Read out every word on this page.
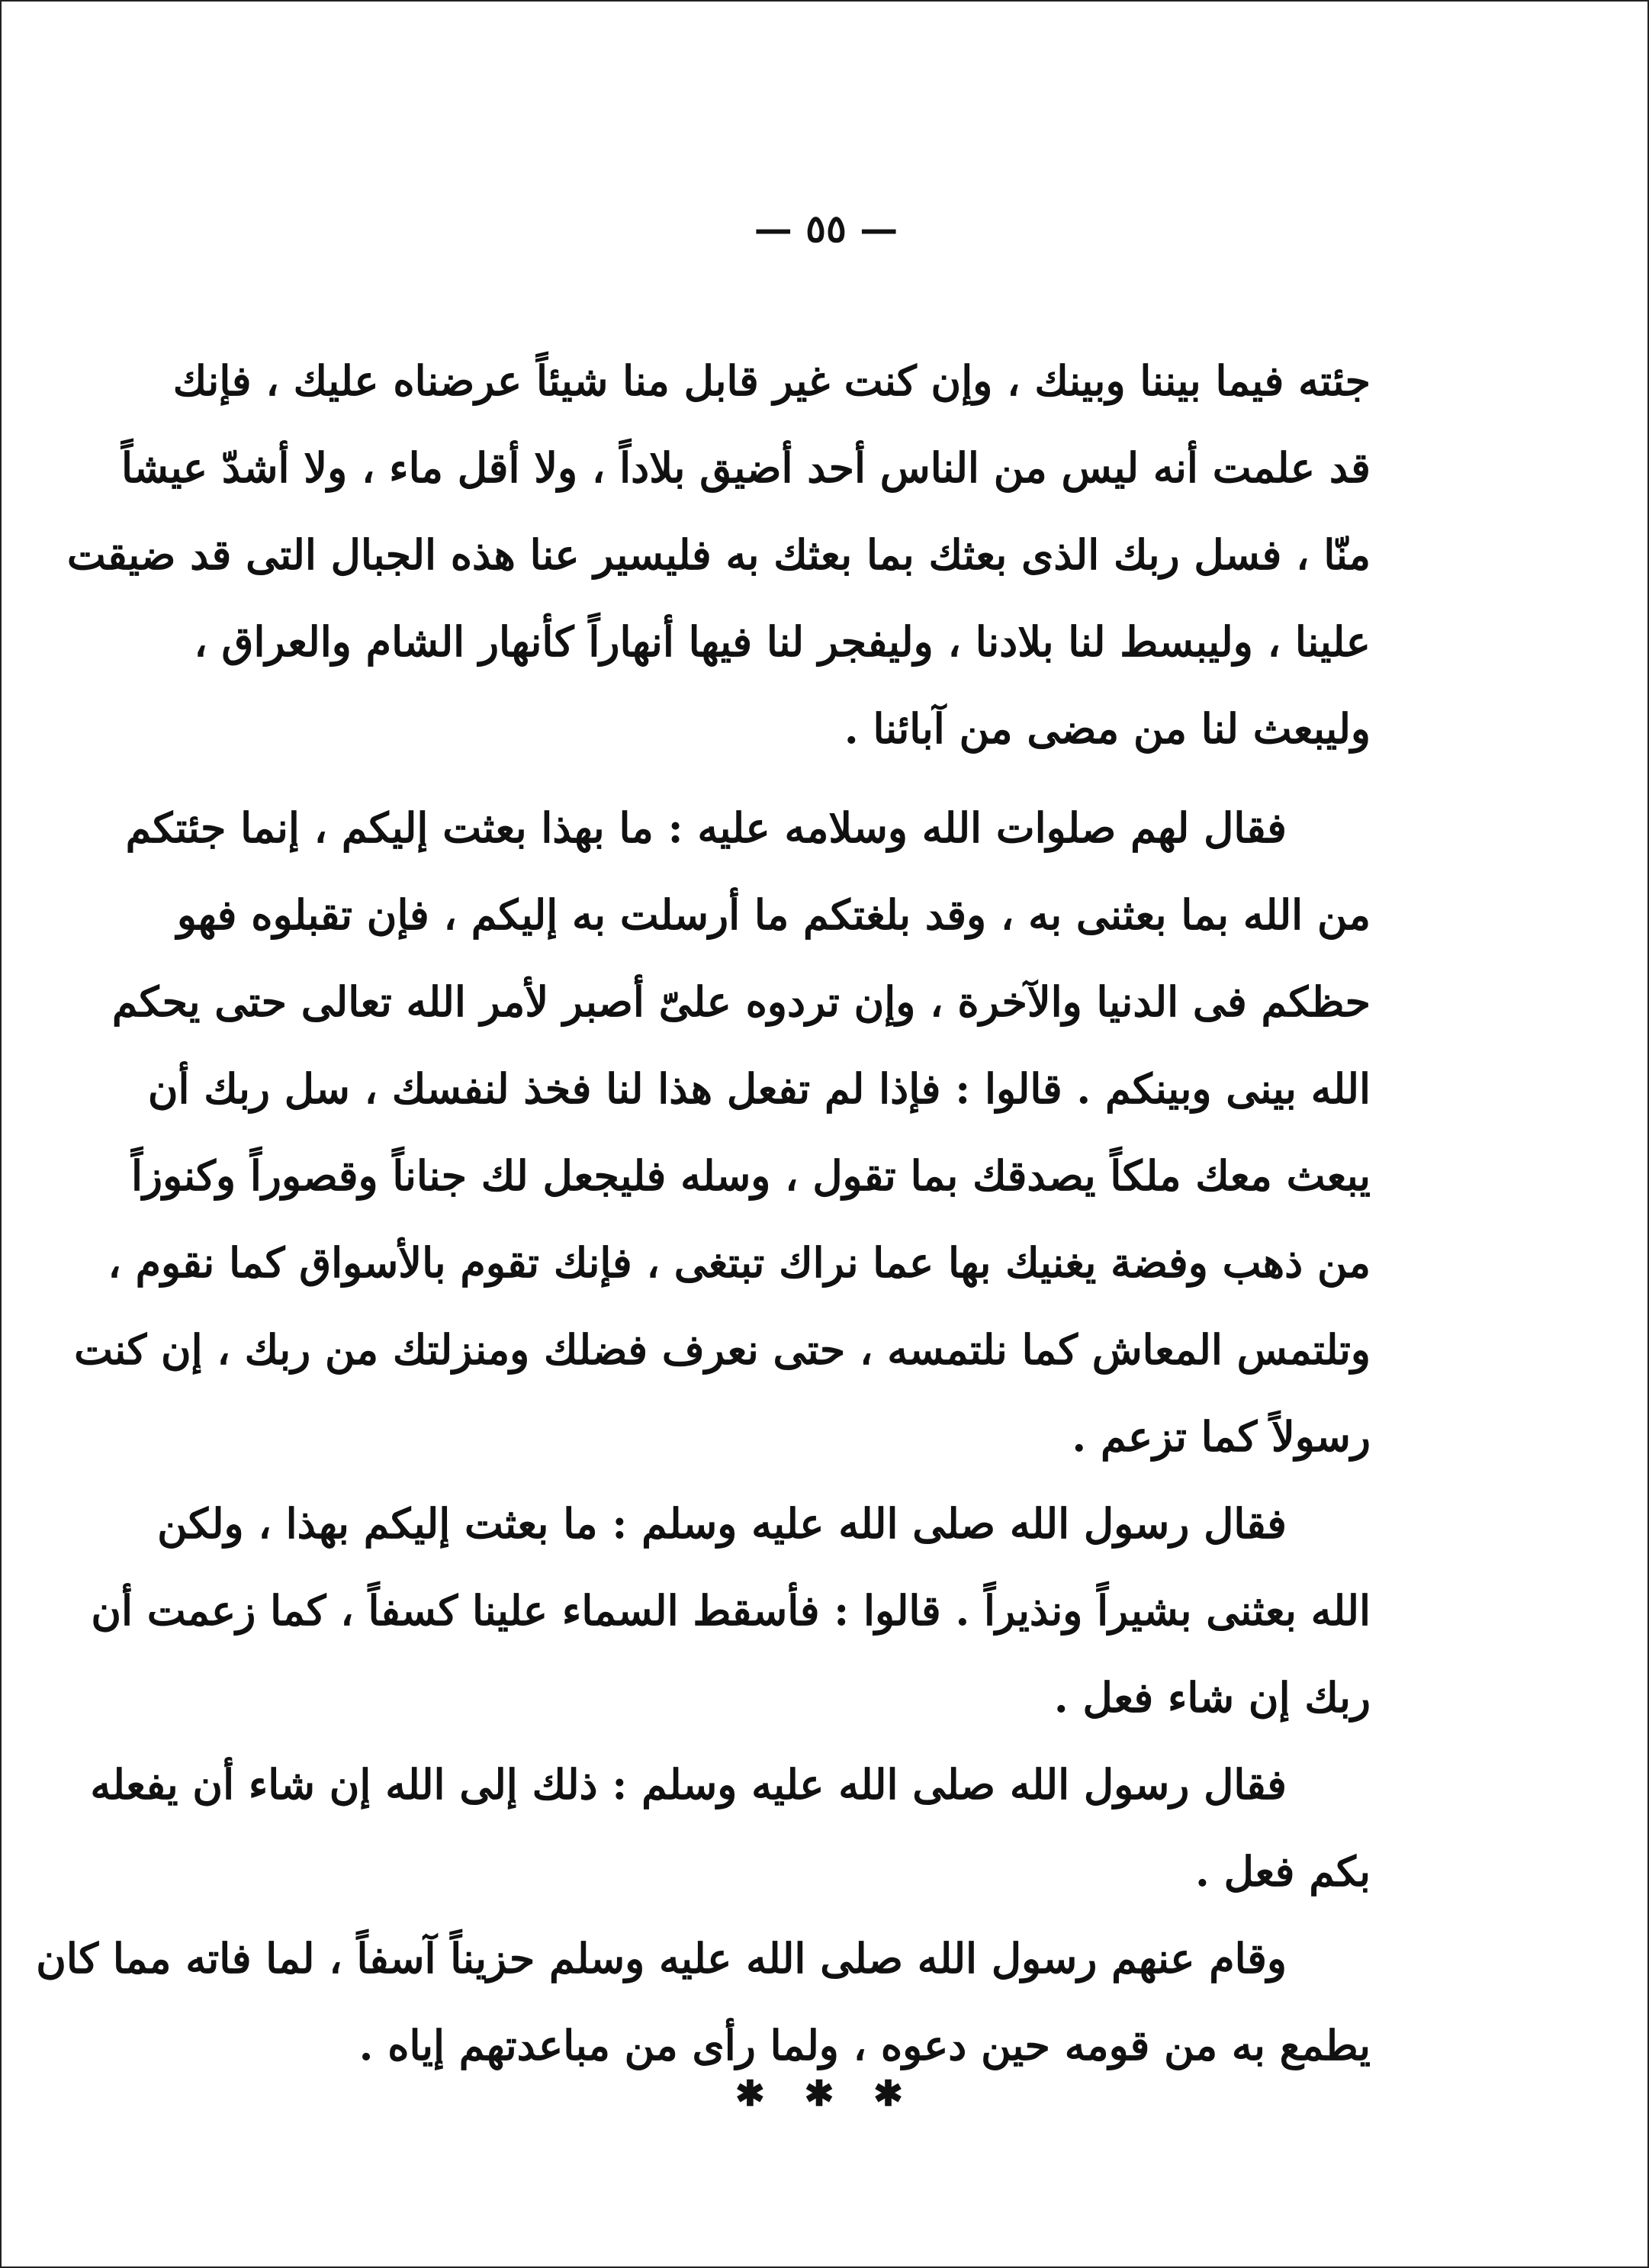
— ٥٥ —
جئته فيما بيننا وبينك ، وإن كنت غير قابل منا شيئاً عرضناه عليك ، فإنك
قد علمت أنه ليس من الناس أحد أضيق بلاداً ، ولا أقل ماء ، ولا أشدّ عيشاً
منّا ، فسل ربك الذى بعثك بما بعثك به فليسير عنا هذه الجبال التى قد ضيقت
علينا ، وليبسط لنا بلادنا ، وليفجر لنا فيها أنهاراً كأنهار الشام والعراق ،
وليبعث لنا من مضى من آبائنا .
فقال لهم صلوات الله وسلامه عليه : ما بهذا بعثت إليكم ، إنما جئتكم
من الله بما بعثنى به ، وقد بلغتكم ما أرسلت به إليكم ، فإن تقبلوه فهو
حظكم فى الدنيا والآخرة ، وإن تردوه علىّ أصبر لأمر الله تعالى حتى يحكم
الله بينى وبينكم . قالوا : فإذا لم تفعل هذا لنا فخذ لنفسك ، سل ربك أن
يبعث معك ملكاً يصدقك بما تقول ، وسله فليجعل لك جناناً وقصوراً وكنوزاً
من ذهب وفضة يغنيك بها عما نراك تبتغى ، فإنك تقوم بالأسواق كما نقوم ،
وتلتمس المعاش كما نلتمسه ، حتى نعرف فضلك ومنزلتك من ربك ، إن كنت
رسولاً كما تزعم .
فقال رسول الله صلى الله عليه وسلم : ما بعثت إليكم بهذا ، ولكن
الله بعثنى بشيراً ونذيراً . قالوا : فأسقط السماء علينا كسفاً ، كما زعمت أن
ربك إن شاء فعل .
فقال رسول الله صلى الله عليه وسلم : ذلك إلى الله إن شاء أن يفعله
بكم فعل .
وقام عنهم رسول الله صلى الله عليه وسلم حزيناً آسفاً ، لما فاته مما كان
يطمع به من قومه حين دعوه ، ولما رأى من مباعدتهم إياه .
✱ ✱ ✱
